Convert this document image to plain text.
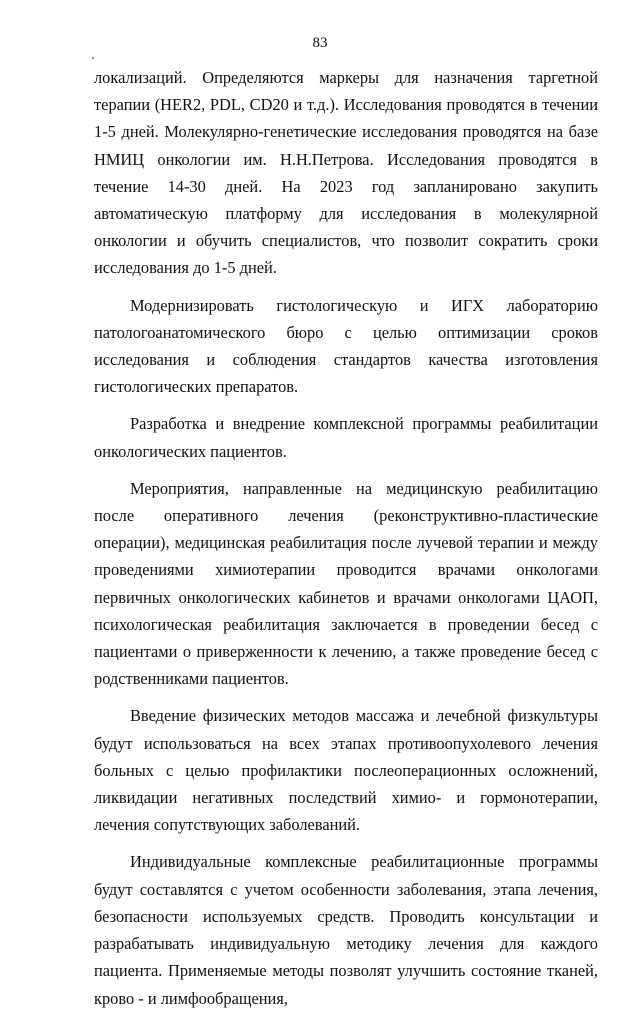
83

локализаций. Определяются маркеры для назначения таргетной терапии (HER2, PDL, CD20 и т.д.). Исследования проводятся в течении 1-5 дней. Молекулярно-генетические исследования проводятся на базе НМИЦ онкологии им. Н.Н.Петрова. Исследования проводятся в течение 14-30 дней. На 2023 год запланировано закупить автоматическую платформу для исследования в молекулярной онкологии и обучить специалистов, что позволит сократить сроки исследования до 1-5 дней.

Модернизировать гистологическую и ИГХ лабораторию патологоанатомического бюро с целью оптимизации сроков исследования и соблюдения стандартов качества изготовления гистологических препаратов.

Разработка и внедрение комплексной программы реабилитации онкологических пациентов.

Мероприятия, направленные на медицинскую реабилитацию после оперативного лечения (реконструктивно-пластические операции), медицинская реабилитация после лучевой терапии и между проведениями химиотерапии проводится врачами онкологами первичных онкологических кабинетов и врачами онкологами ЦАОП, психологическая реабилитация заключается в проведении бесед с пациентами о приверженности к лечению, а также проведение бесед с родственниками пациентов.

Введение физических методов массажа и лечебной физкультуры будут использоваться на всех этапах противоопухолевого лечения больных с целью профилактики послеоперационных осложнений, ликвидации негативных последствий химио- и гормонотерапии, лечения сопутствующих заболеваний.

Индивидуальные комплексные реабилитационные программы будут составлятся с учетом особенности заболевания, этапа лечения, безопасности используемых средств. Проводить консультации и разрабатывать индивидуальную методику лечения для каждого пациента. Применяемые методы позволят улучшить состояние тканей, крово - и лимфообращения,
